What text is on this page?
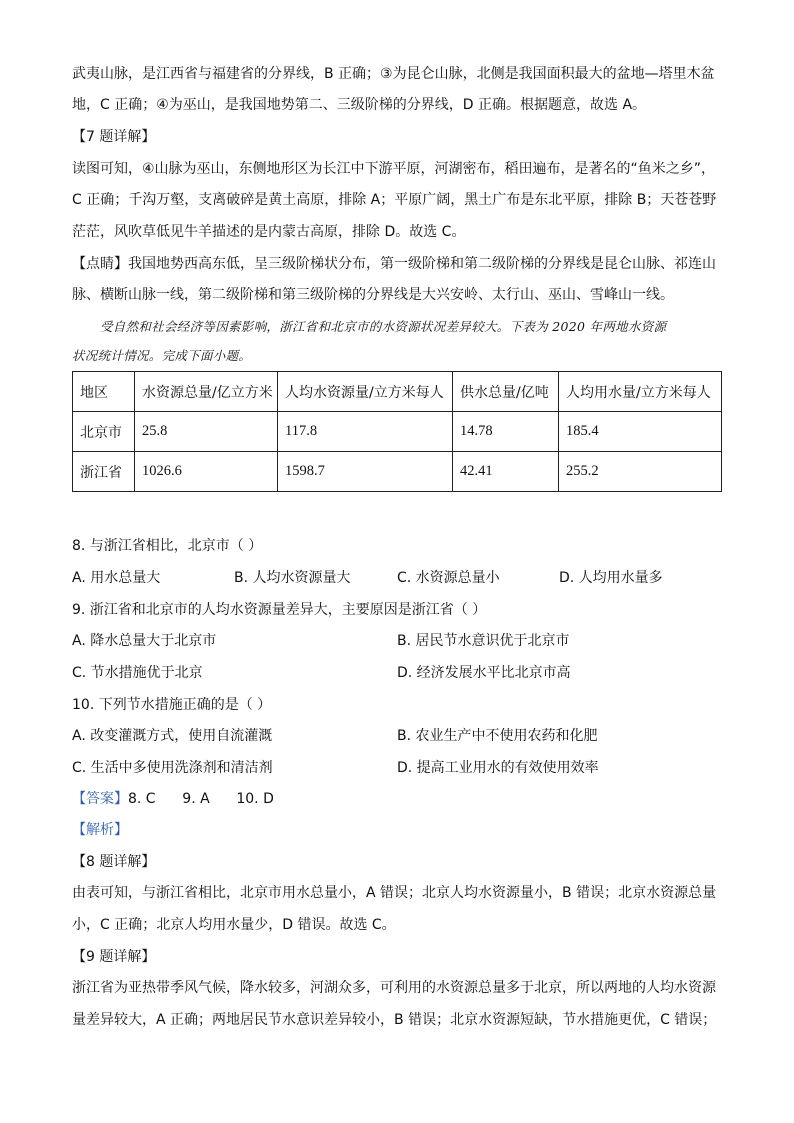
武夷山脉，是江西省与福建省的分界线，B 正确；③为昆仑山脉，北侧是我国面积最大的盆地—塔里木盆
地，C 正确；④为巫山，是我国地势第二、三级阶梯的分界线，D 正确。根据题意，故选 A。
【7 题详解】
读图可知，④山脉为巫山，东侧地形区为长江中下游平原，河湖密布，稻田遍布，是著名的“鱼米之乡”，
C 正确；千沟万壑，支离破碎是黄土高原，排除 A；平原广阔，黑土广布是东北平原，排除 B；天苍苍野
茫茫，风吹草低见牛羊描述的是内蒙古高原，排除 D。故选 C。
【点睛】我国地势西高东低，呈三级阶梯状分布，第一级阶梯和第二级阶梯的分界线是昆仑山脉、祁连山
脉、横断山脉一线，第二级阶梯和第三级阶梯的分界线是大兴安岭、太行山、巫山、雪峰山一线。
受自然和社会经济等因素影响，浙江省和北京市的水资源状况差异较大。下表为 2020 年两地水资源
状况统计情况。完成下面小题。
地区	水资源总量/亿立方米	人均水资源量/立方米每人	供水总量/亿吨	人均用水量/立方米每人
北京市	25.8	117.8	14.78	185.4
浙江省	1026.6	1598.7	42.41	255.2
8. 与浙江省相比，北京市（ ）
A. 用水总量大	B. 人均水资源量大	C. 水资源总量小	D. 人均用水量多
9. 浙江省和北京市的人均水资源量差异大，主要原因是浙江省（ ）
A. 降水总量大于北京市	B. 居民节水意识优于北京市
C. 节水措施优于北京	D. 经济发展水平比北京市高
10. 下列节水措施正确的是（ ）
A. 改变灌溉方式，使用自流灌溉	B. 农业生产中不使用农药和化肥
C. 生活中多使用洗涤剂和清洁剂	D. 提高工业用水的有效使用效率
【答案】8. C      9. A      10. D
【解析】
【8 题详解】
由表可知，与浙江省相比，北京市用水总量小，A 错误；北京人均水资源量小，B 错误；北京水资源总量
小，C 正确；北京人均用水量少，D 错误。故选 C。
【9 题详解】
浙江省为亚热带季风气候，降水较多，河湖众多，可利用的水资源总量多于北京，所以两地的人均水资源
量差异较大，A 正确；两地居民节水意识差异较小，B 错误；北京水资源短缺，节水措施更优，C 错误；
